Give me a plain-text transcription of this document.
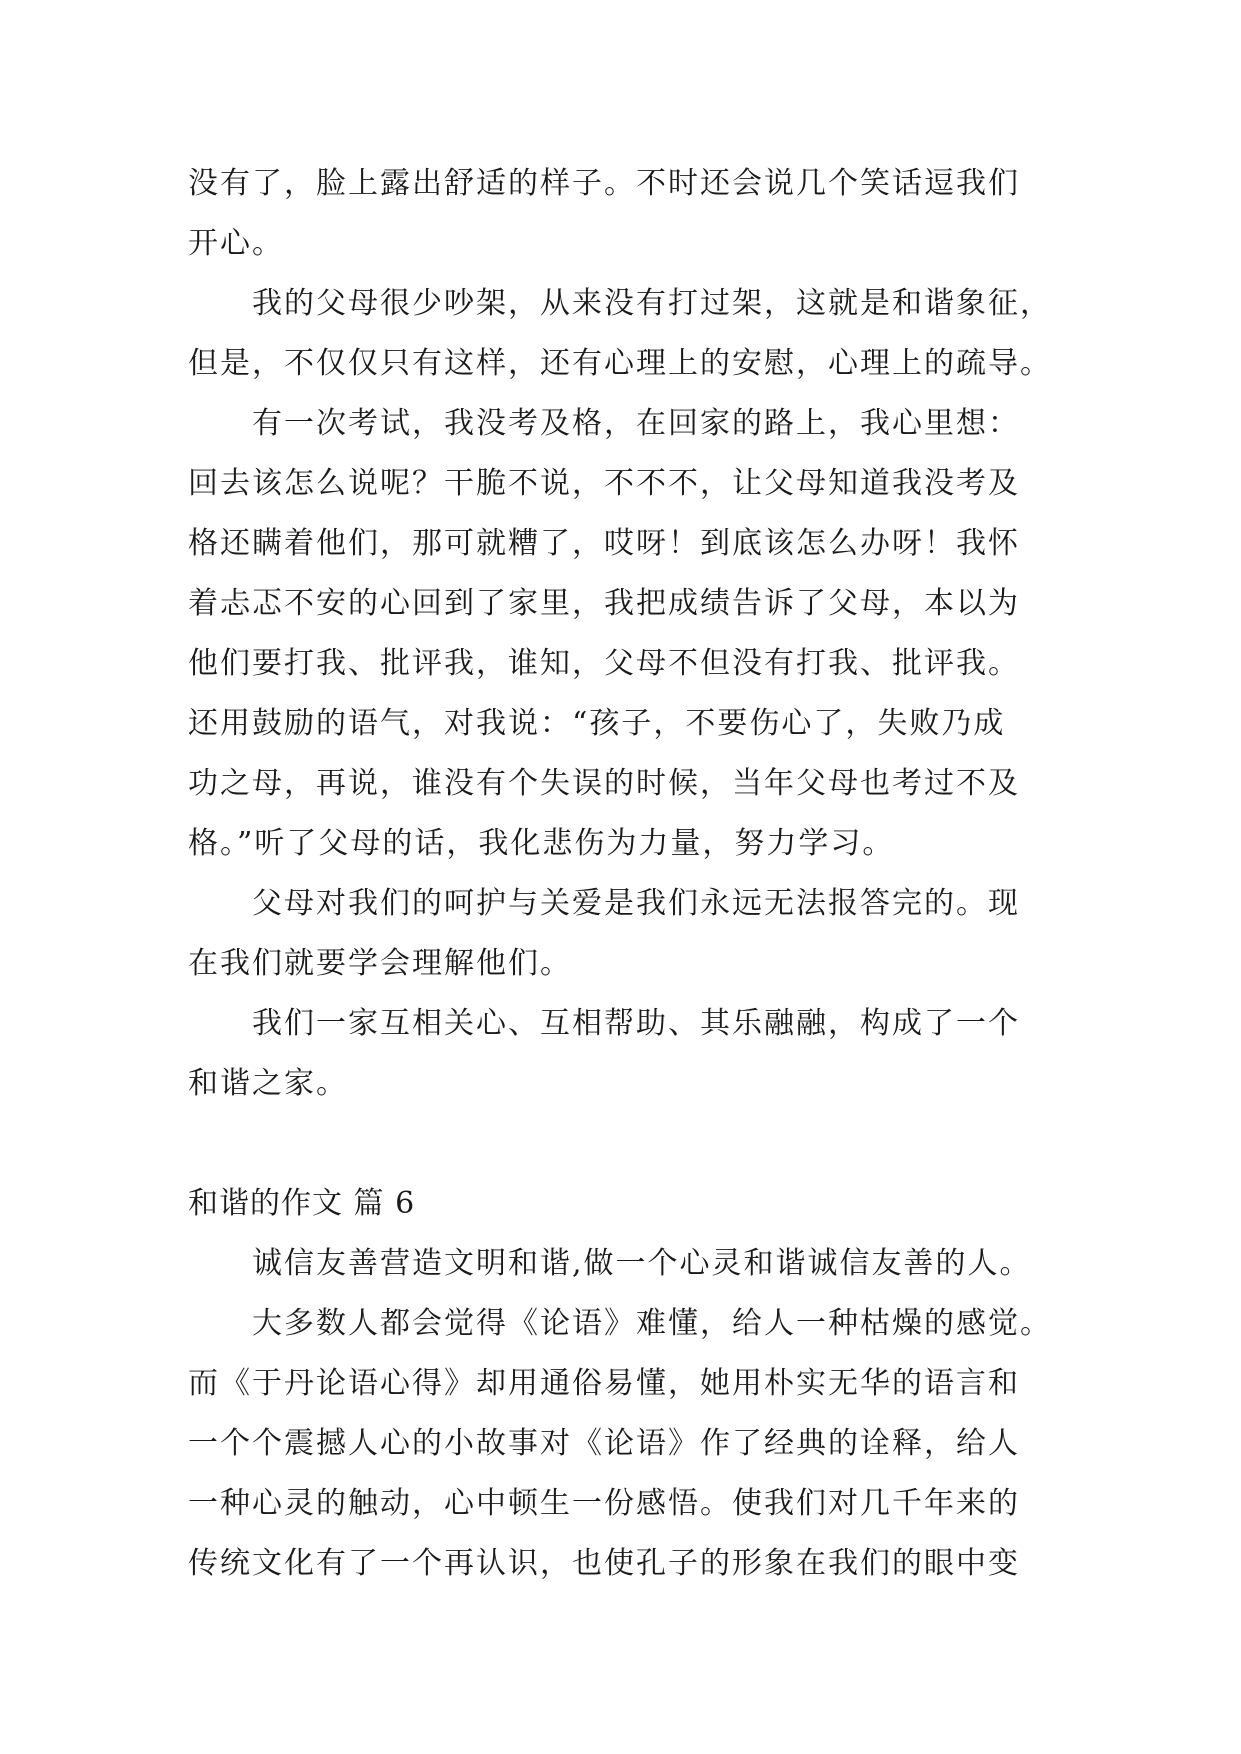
没有了，脸上露出舒适的样子。不时还会说几个笑话逗我们
开心。
我的父母很少吵架，从来没有打过架，这就是和谐象征，
但是，不仅仅只有这样，还有心理上的安慰，心理上的疏导。
有一次考试，我没考及格，在回家的路上，我心里想：
回去该怎么说呢？干脆不说，不不不，让父母知道我没考及
格还瞒着他们，那可就糟了，哎呀！到底该怎么办呀！我怀
着忐忑不安的心回到了家里，我把成绩告诉了父母，本以为
他们要打我、批评我，谁知，父母不但没有打我、批评我。
还用鼓励的语气，对我说：“孩子，不要伤心了，失败乃成
功之母，再说，谁没有个失误的时候，当年父母也考过不及
格。”听了父母的话，我化悲伤为力量，努力学习。
父母对我们的呵护与关爱是我们永远无法报答完的。现
在我们就要学会理解他们。
我们一家互相关心、互相帮助、其乐融融，构成了一个
和谐之家。
和谐的作文 篇 6
诚信友善营造文明和谐,做一个心灵和谐诚信友善的人。
大多数人都会觉得《论语》难懂，给人一种枯燥的感觉。
而《于丹论语心得》却用通俗易懂，她用朴实无华的语言和
一个个震撼人心的小故事对《论语》作了经典的诠释，给人
一种心灵的触动，心中顿生一份感悟。使我们对几千年来的
传统文化有了一个再认识，也使孔子的形象在我们的眼中变
